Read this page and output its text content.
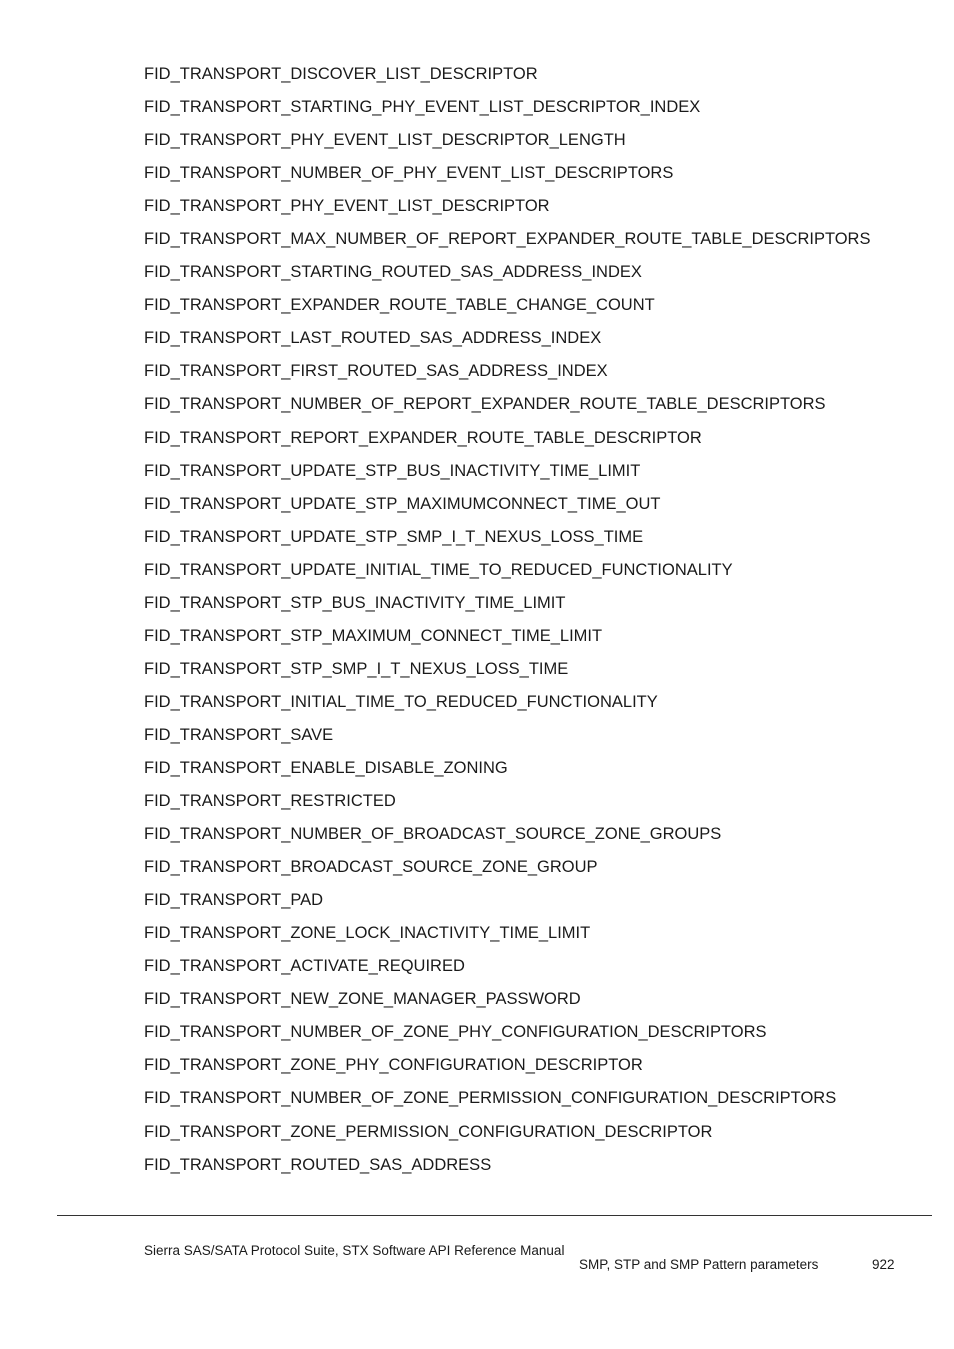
FID_TRANSPORT_DISCOVER_LIST_DESCRIPTOR
FID_TRANSPORT_STARTING_PHY_EVENT_LIST_DESCRIPTOR_INDEX
FID_TRANSPORT_PHY_EVENT_LIST_DESCRIPTOR_LENGTH
FID_TRANSPORT_NUMBER_OF_PHY_EVENT_LIST_DESCRIPTORS
FID_TRANSPORT_PHY_EVENT_LIST_DESCRIPTOR
FID_TRANSPORT_MAX_NUMBER_OF_REPORT_EXPANDER_ROUTE_TABLE_DESCRIPTORS
FID_TRANSPORT_STARTING_ROUTED_SAS_ADDRESS_INDEX
FID_TRANSPORT_EXPANDER_ROUTE_TABLE_CHANGE_COUNT
FID_TRANSPORT_LAST_ROUTED_SAS_ADDRESS_INDEX
FID_TRANSPORT_FIRST_ROUTED_SAS_ADDRESS_INDEX
FID_TRANSPORT_NUMBER_OF_REPORT_EXPANDER_ROUTE_TABLE_DESCRIPTORS
FID_TRANSPORT_REPORT_EXPANDER_ROUTE_TABLE_DESCRIPTOR
FID_TRANSPORT_UPDATE_STP_BUS_INACTIVITY_TIME_LIMIT
FID_TRANSPORT_UPDATE_STP_MAXIMUMCONNECT_TIME_OUT
FID_TRANSPORT_UPDATE_STP_SMP_I_T_NEXUS_LOSS_TIME
FID_TRANSPORT_UPDATE_INITIAL_TIME_TO_REDUCED_FUNCTIONALITY
FID_TRANSPORT_STP_BUS_INACTIVITY_TIME_LIMIT
FID_TRANSPORT_STP_MAXIMUM_CONNECT_TIME_LIMIT
FID_TRANSPORT_STP_SMP_I_T_NEXUS_LOSS_TIME
FID_TRANSPORT_INITIAL_TIME_TO_REDUCED_FUNCTIONALITY
FID_TRANSPORT_SAVE
FID_TRANSPORT_ENABLE_DISABLE_ZONING
FID_TRANSPORT_RESTRICTED
FID_TRANSPORT_NUMBER_OF_BROADCAST_SOURCE_ZONE_GROUPS
FID_TRANSPORT_BROADCAST_SOURCE_ZONE_GROUP
FID_TRANSPORT_PAD
FID_TRANSPORT_ZONE_LOCK_INACTIVITY_TIME_LIMIT
FID_TRANSPORT_ACTIVATE_REQUIRED
FID_TRANSPORT_NEW_ZONE_MANAGER_PASSWORD
FID_TRANSPORT_NUMBER_OF_ZONE_PHY_CONFIGURATION_DESCRIPTORS
FID_TRANSPORT_ZONE_PHY_CONFIGURATION_DESCRIPTOR
FID_TRANSPORT_NUMBER_OF_ZONE_PERMISSION_CONFIGURATION_DESCRIPTORS
FID_TRANSPORT_ZONE_PERMISSION_CONFIGURATION_DESCRIPTOR
FID_TRANSPORT_ROUTED_SAS_ADDRESS
Sierra SAS/SATA Protocol Suite, STX Software API Reference Manual
SMP, STP and SMP Pattern parameters	922
